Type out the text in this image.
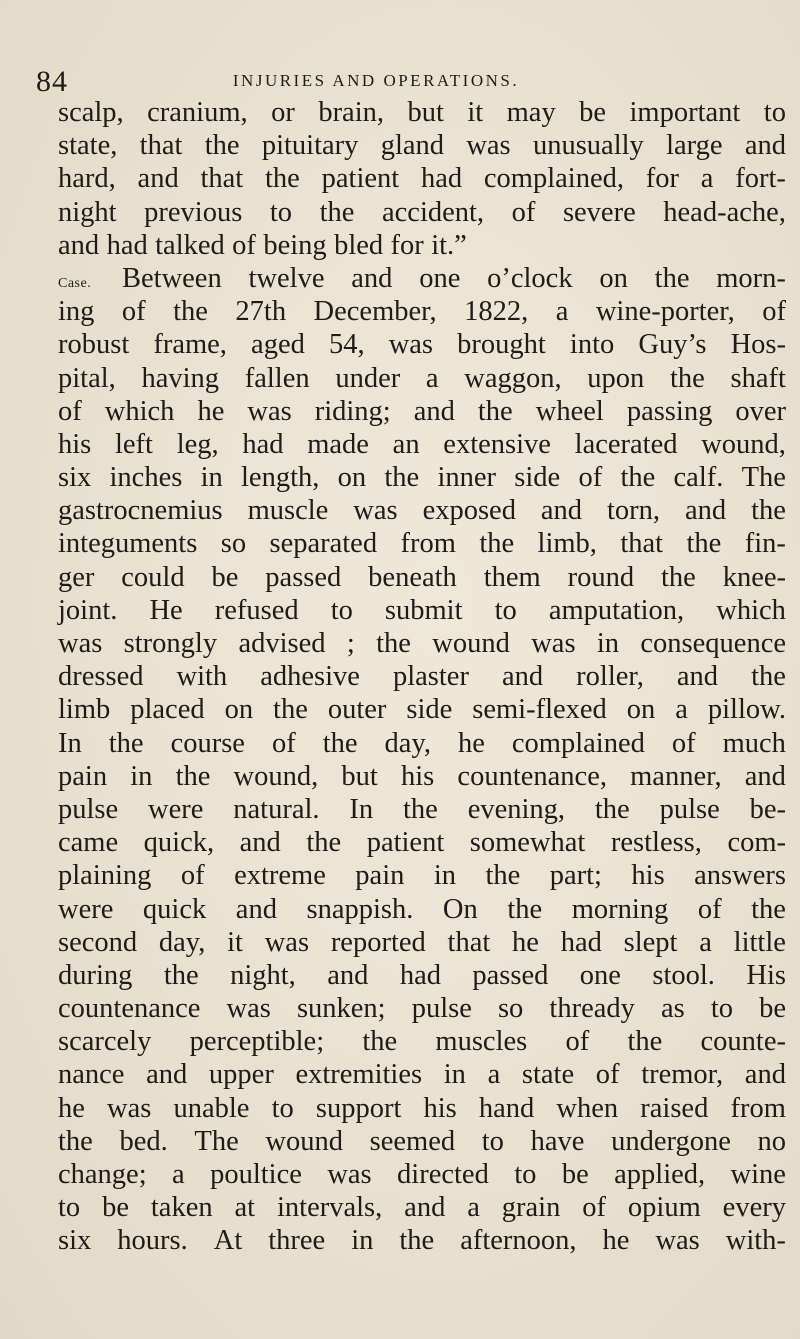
84	INJURIES AND OPERATIONS.
scalp, cranium, or brain, but it may be important to
state, that the pituitary gland was unusually large and
hard, and that the patient had complained, for a fort-
night previous to the accident, of severe head-ache,
and had talked of being bled for it.”
Case. Between twelve and one o’clock on the morn-
ing of the 27th December, 1822, a wine-porter, of
robust frame, aged 54, was brought into Guy’s Hos-
pital, having fallen under a waggon, upon the shaft
of which he was riding; and the wheel passing over
his left leg, had made an extensive lacerated wound,
six inches in length, on the inner side of the calf. The
gastrocnemius muscle was exposed and torn, and the
integuments so separated from the limb, that the fin-
ger could be passed beneath them round the knee-
joint. He refused to submit to amputation, which
was strongly advised ; the wound was in consequence
dressed with adhesive plaster and roller, and the
limb placed on the outer side semi-flexed on a pillow.
In the course of the day, he complained of much
pain in the wound, but his countenance, manner, and
pulse were natural. In the evening, the pulse be-
came quick, and the patient somewhat restless, com-
plaining of extreme pain in the part; his answers
were quick and snappish. On the morning of the
second day, it was reported that he had slept a little
during the night, and had passed one stool. His
countenance was sunken; pulse so thready as to be
scarcely perceptible; the muscles of the counte-
nance and upper extremities in a state of tremor, and
he was unable to support his hand when raised from
the bed. The wound seemed to have undergone no
change; a poultice was directed to be applied, wine
to be taken at intervals, and a grain of opium every
six hours. At three in the afternoon, he was with-
